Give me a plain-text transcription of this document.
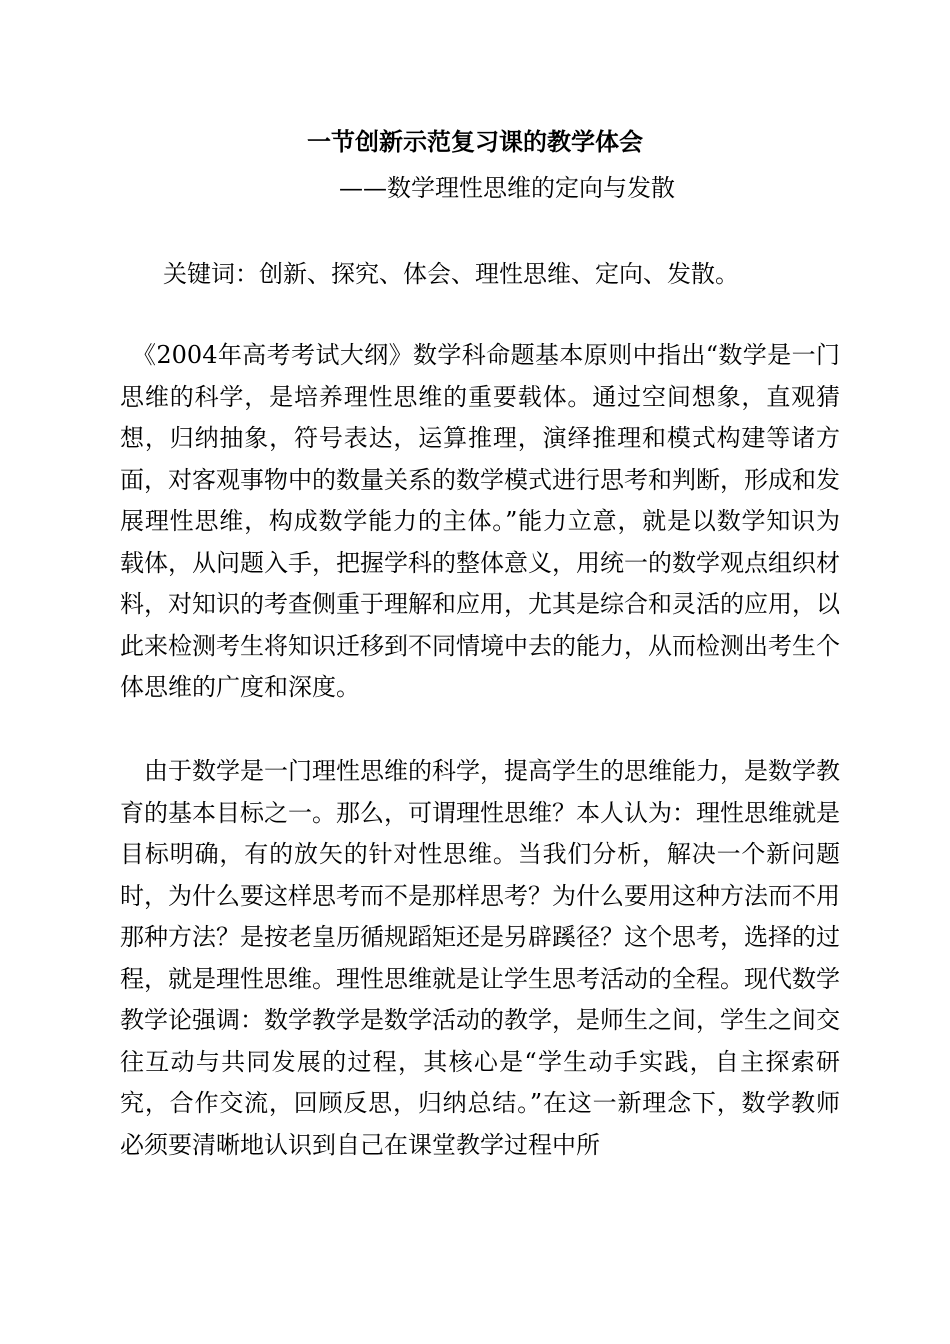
一节创新示范复习课的教学体会
——数学理性思维的定向与发散
关键词：创新、探究、体会、理性思维、定向、发散。

《2004年高考考试大纲》数学科命题基本原则中指出“数学是一门思维的科学，是培养理性思维的重要载体。通过空间想象，直观猜想，归纳抽象，符号表达，运算推理，演绎推理和模式构建等诸方面，对客观事物中的数量关系的数学模式进行思考和判断，形成和发展理性思维，构成数学能力的主体。”能力立意，就是以数学知识为载体，从问题入手，把握学科的整体意义，用统一的数学观点组织材料，对知识的考查侧重于理解和应用，尤其是综合和灵活的应用，以此来检测考生将知识迁移到不同情境中去的能力，从而检测出考生个体思维的广度和深度。

由于数学是一门理性思维的科学，提高学生的思维能力，是数学教育的基本目标之一。那么，可谓理性思维？本人认为：理性思维就是目标明确，有的放矢的针对性思维。当我们分析，解决一个新问题时，为什么要这样思考而不是那样思考？为什么要用这种方法而不用那种方法？是按老皇历循规蹈矩还是另辟蹊径？这个思考，选择的过程，就是理性思维。理性思维就是让学生思考活动的全程。现代数学教学论强调：数学教学是数学活动的教学，是师生之间，学生之间交往互动与共同发展的过程，其核心是“学生动手实践，自主探索研究，合作交流，回顾反思，归纳总结。”在这一新理念下，数学教师必须要清晰地认识到自己在课堂教学过程中所
